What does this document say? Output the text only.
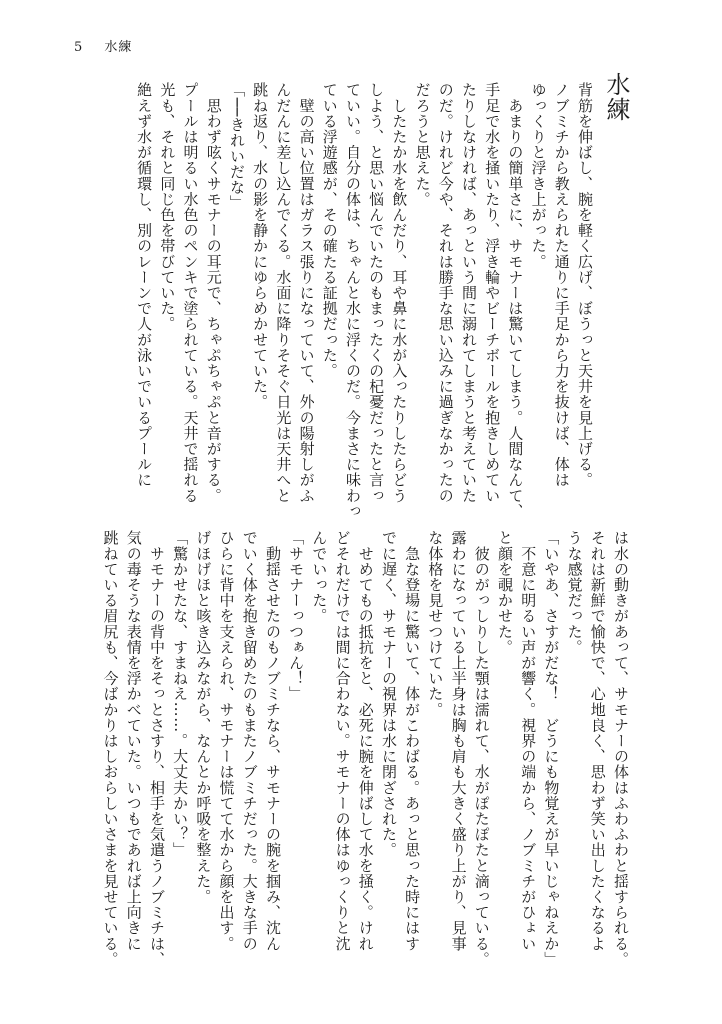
5 水練
水練

背筋を伸ばし、腕を軽く広げ、ぼうっと天井を見上げる。

ノブミチから教えられた通りに手足から力を抜けば、体は

ゆっくりと浮き上がった。

　あまりの簡単さに、サモナーは驚いてしまう。人間なんて、

手足で水を掻いたり、浮き輪やビーチボールを抱きしめてい

たりしなければ、あっという間に溺れてしまうと考えていた

のだ。けれど今や、それは勝手な思い込みに過ぎなかったの

だろうと思えた。

　したたか水を飲んだり、耳や鼻に水が入ったりしたらどう

しよう、と思い悩んでいたのもまったくの杞憂だったと言っ

ていい。自分の体は、ちゃんと水に浮くのだ。今まさに味わっ

ている浮遊感が、その確たる証拠だった。

　壁の高い位置はガラス張りになっていて、外の陽射しがふ

んだんに差し込んでくる。水面に降りそそぐ日光は天井へと

跳ね返り、水の影を静かにゆらめかせていた。

「──きれいだな」

　思わず呟くサモナーの耳元で、ちゃぷちゃぷと音がする。

プールは明るい水色のペンキで塗られている。天井で揺れる

光も、それと同じ色を帯びていた。

絶えず水が循環し、別のレーンで人が泳いでいるプールに

は水の動きがあって、サモナーの体はふわふわと揺すられる。

それは新鮮で愉快で、心地良く、思わず笑い出したくなるよ

うな感覚だった。

「いやあ、さすがだな！　どうにも物覚えが早いじゃねえか」

　不意に明るい声が響く。視界の端から、ノブミチがひょい

と顔を覗かせた。

　彼のがっしりした顎は濡れて、水がぽたぽたと滴っている。

露わになっている上半身は胸も肩も大きく盛り上がり、見事

な体格を見せつけていた。

　急な登場に驚いて、体がこわばる。あっと思った時にはす

でに遅く、サモナーの視界は水に閉ざされた。

　せめてもの抵抗をと、必死に腕を伸ばして水を掻く。けれ

どそれだけでは間に合わない。サモナーの体はゆっくりと沈

んでいった。

「サモナーっつぁん！」

　動揺させたのもノブミチなら、サモナーの腕を掴み、沈ん

でいく体を抱き留めたのもまたノブミチだった。大きな手の

ひらに背中を支えられ、サモナーは慌てて水から顔を出す。

げほげほと咳き込みながら、なんとか呼吸を整えた。

「驚かせたな、すまねえ……。大丈夫かい？」

　サモナーの背中をそっとさすり、相手を気遣うノブミチは、

気の毒そうな表情を浮かべていた。いつもであれば上向きに

跳ねている眉尻も、今ばかりはしおらしいさまを見せている。
